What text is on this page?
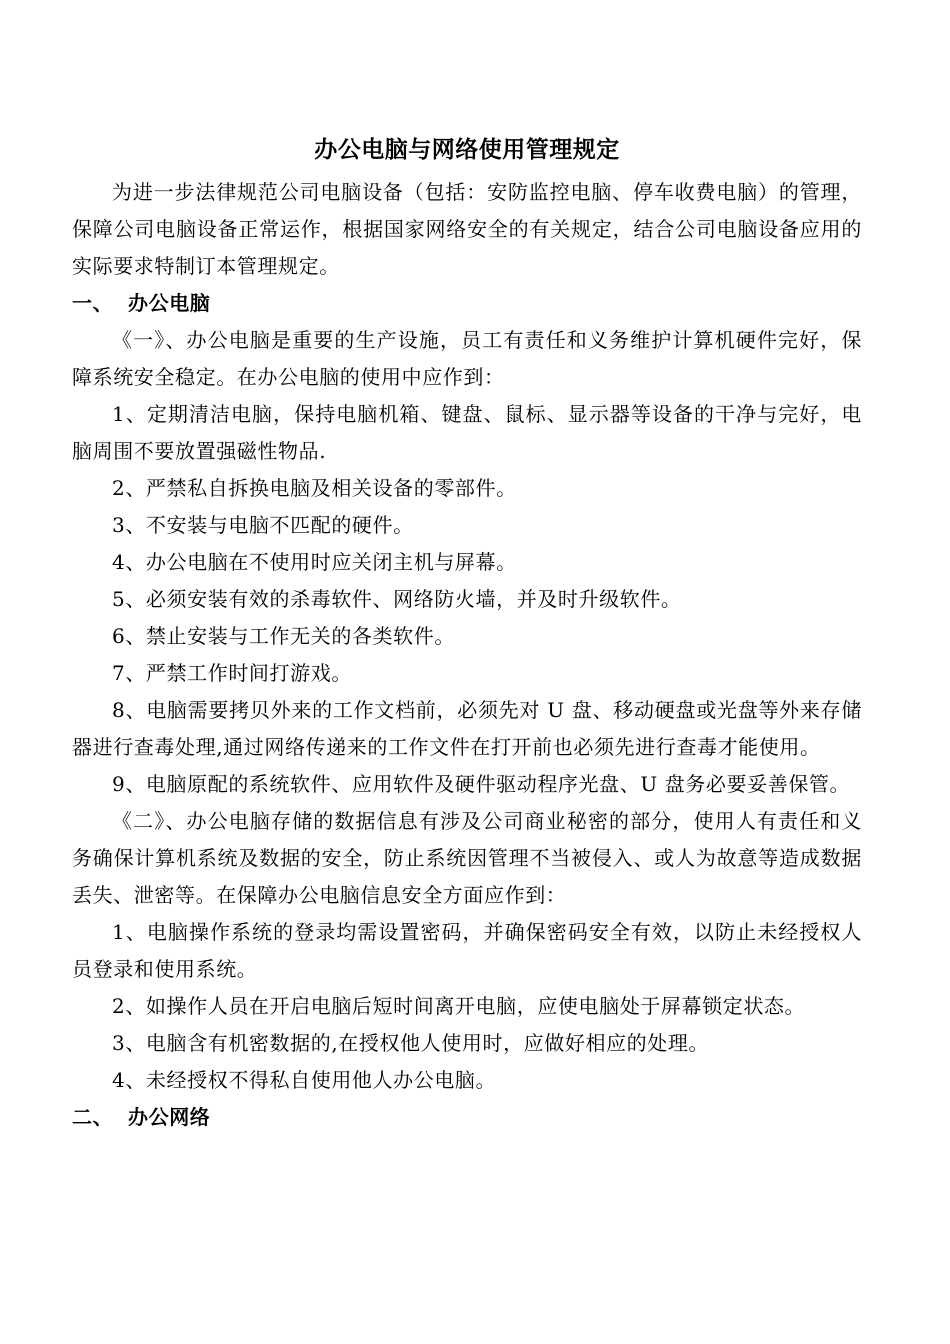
办公电脑与网络使用管理规定

为进一步法律规范公司电脑设备（包括：安防监控电脑、停车收费电脑）的管理，保障公司电脑设备正常运作，根据国家网络安全的有关规定，结合公司电脑设备应用的实际要求特制订本管理规定。

一、 办公电脑

《一》、办公电脑是重要的生产设施，员工有责任和义务维护计算机硬件完好，保障系统安全稳定。在办公电脑的使用中应作到：

1、定期清洁电脑，保持电脑机箱、键盘、鼠标、显示器等设备的干净与完好，电脑周围不要放置强磁性物品.

2、严禁私自拆换电脑及相关设备的零部件。

3、不安装与电脑不匹配的硬件。

4、办公电脑在不使用时应关闭主机与屏幕。

5、必须安装有效的杀毒软件、网络防火墙，并及时升级软件。

6、禁止安装与工作无关的各类软件。

7、严禁工作时间打游戏。

8、电脑需要拷贝外来的工作文档前，必须先对 U 盘、移动硬盘或光盘等外来存储器进行查毒处理,通过网络传递来的工作文件在打开前也必须先进行查毒才能使用。

9、电脑原配的系统软件、应用软件及硬件驱动程序光盘、U 盘务必要妥善保管。

《二》、办公电脑存储的数据信息有涉及公司商业秘密的部分，使用人有责任和义务确保计算机系统及数据的安全，防止系统因管理不当被侵入、或人为故意等造成数据丢失、泄密等。在保障办公电脑信息安全方面应作到：

1、电脑操作系统的登录均需设置密码，并确保密码安全有效，以防止未经授权人员登录和使用系统。

2、如操作人员在开启电脑后短时间离开电脑，应使电脑处于屏幕锁定状态。

3、电脑含有机密数据的,在授权他人使用时，应做好相应的处理。

4、未经授权不得私自使用他人办公电脑。

二、 办公网络
